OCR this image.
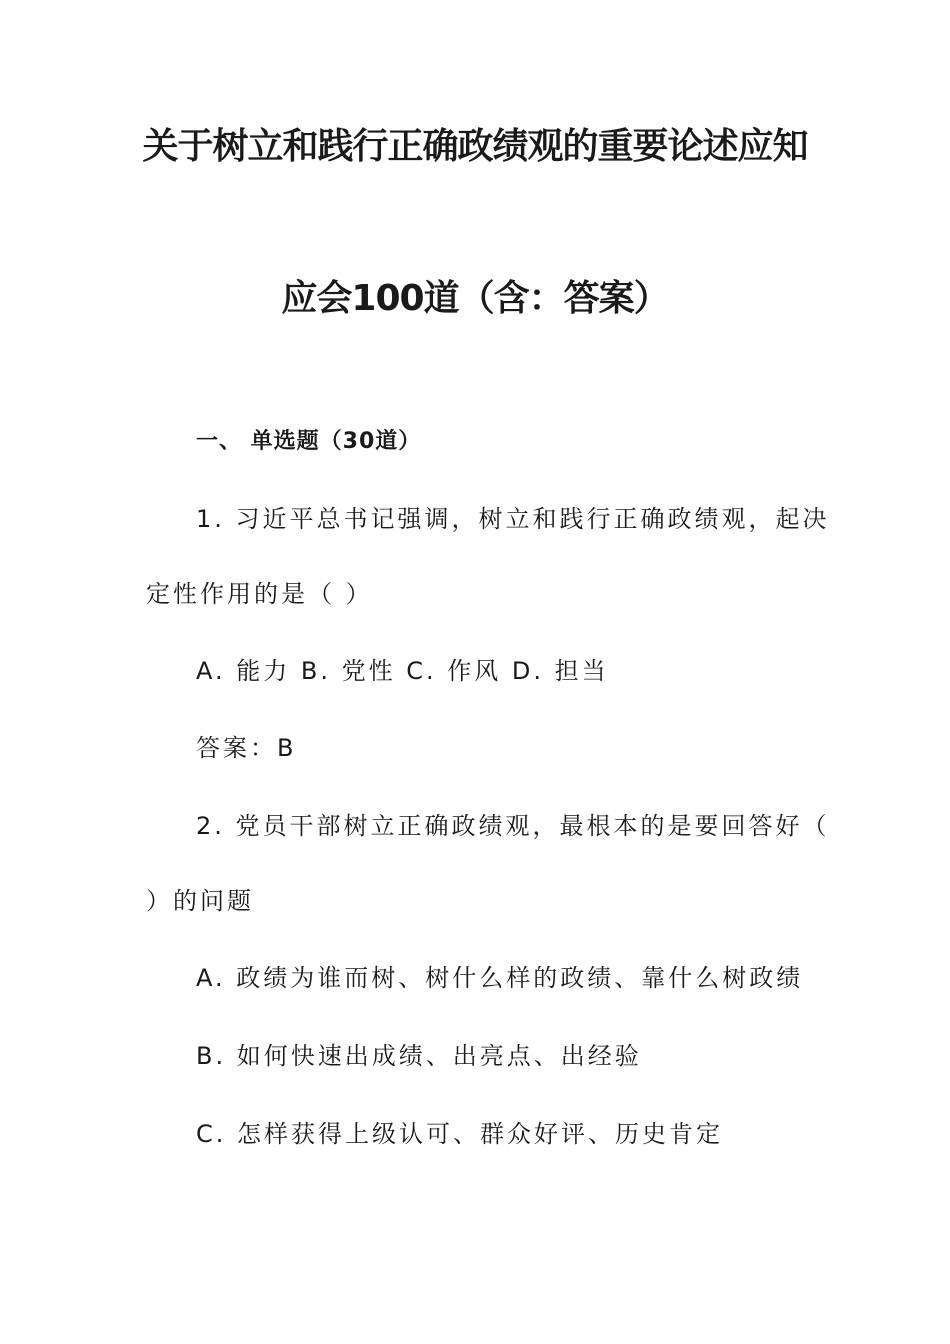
关于树立和践行正确政绩观的重要论述应知
应会100道（含：答案）

一、 单选题（30道）

1. 习近平总书记强调，树立和践行正确政绩观，起决

定性作用的是（ ）

A. 能力 B. 党性 C. 作风 D. 担当

答案：B

2. 党员干部树立正确政绩观，最根本的是要回答好（

）的问题

A. 政绩为谁而树、树什么样的政绩、靠什么树政绩

B. 如何快速出成绩、出亮点、出经验

C. 怎样获得上级认可、群众好评、历史肯定
